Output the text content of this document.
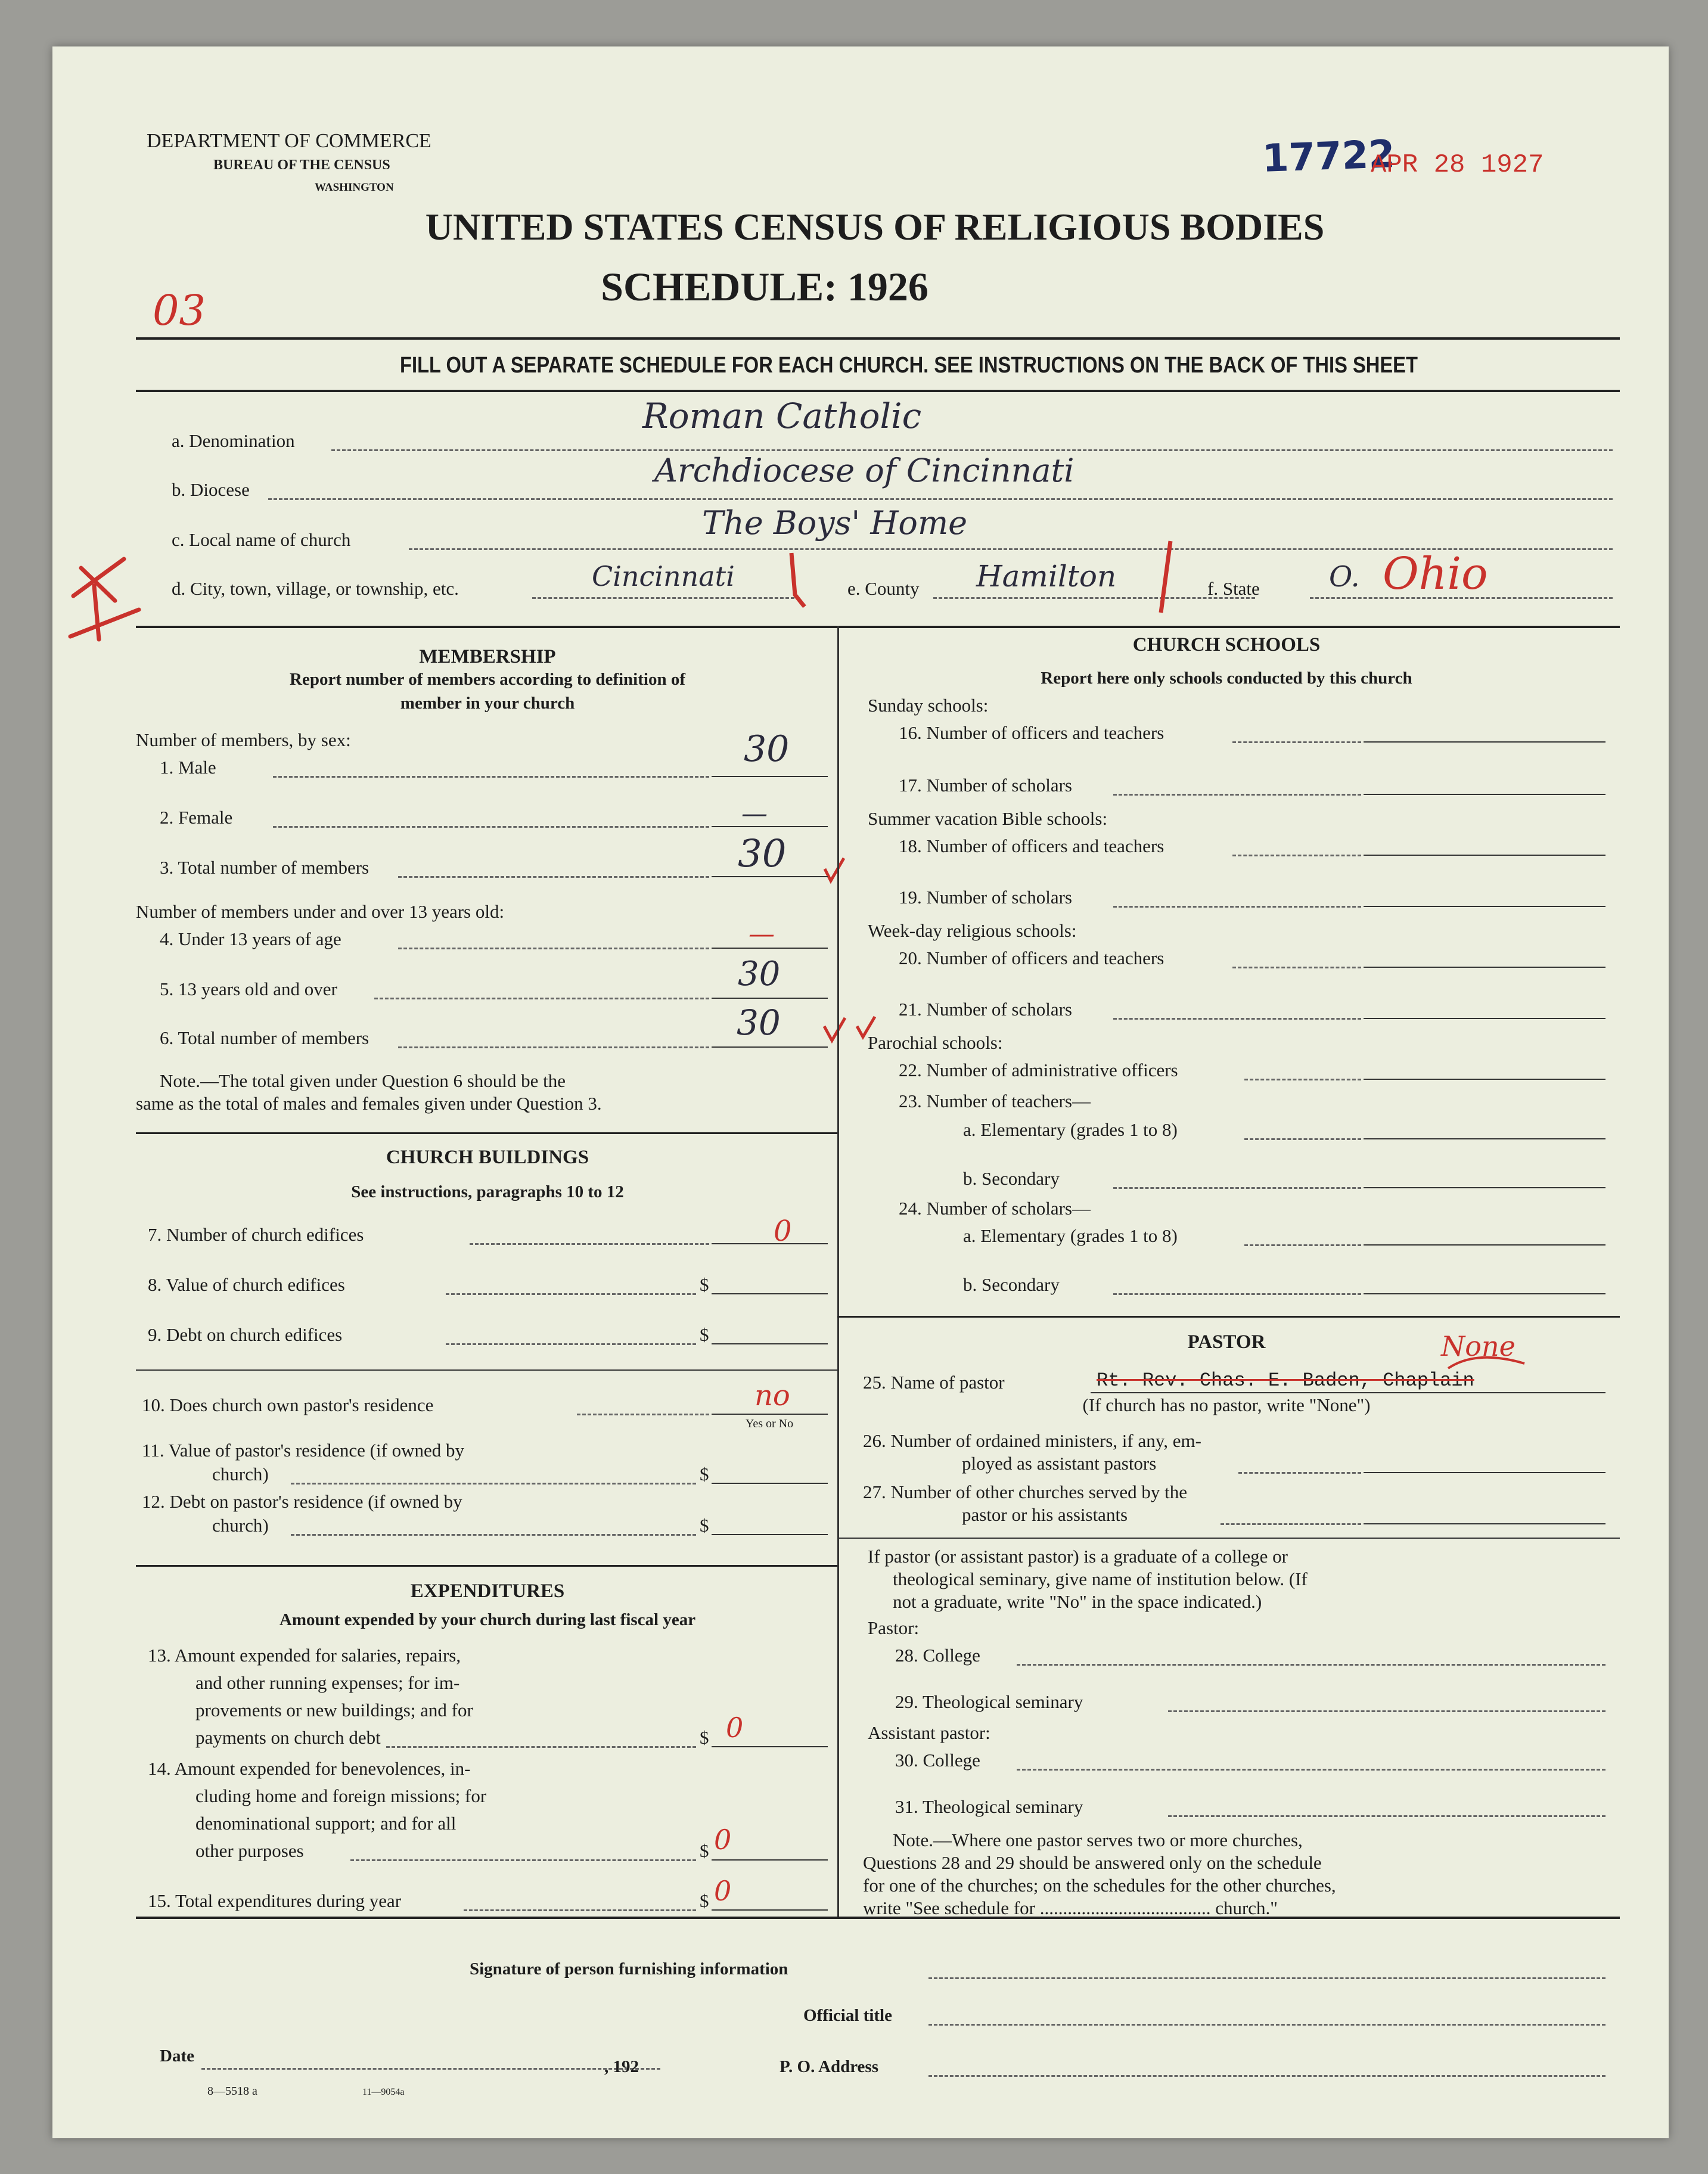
DEPARTMENT OF COMMERCE
BUREAU OF THE CENSUS
WASHINGTON
UNITED STATES CENSUS OF RELIGIOUS BODIES
SCHEDULE: 1926
17722
APR 28 1927
03
FILL OUT A SEPARATE SCHEDULE FOR EACH CHURCH. SEE INSTRUCTIONS ON THE BACK OF THIS SHEET
a. Denomination
Roman Catholic
b. Diocese
Archdiocese of Cincinnati
c. Local name of church	The Boys' Home
d. City, town, village, or township, etc.	Cincinnati	e. County Hamilton	f. State O. Ohio
MEMBERSHIP
Report number of members according to definition of
member in your church
Number of members, by sex:
1. Male	30
2. Female	—
3. Total number of members	30
Number of members under and over 13 years old:
4. Under 13 years of age	—
5. 13 years old and over	30
6. Total number of members	30
Note.—The total given under Question 6 should be the
same as the total of males and females given under Question 3.
CHURCH BUILDINGS
See instructions, paragraphs 10 to 12
7. Number of church edifices	0
8. Value of church edifices	$
9. Debt on church edifices	$
10. Does church own pastor's residence	no
Yes or No
11. Value of pastor's residence (if owned by
church)	$
12. Debt on pastor's residence (if owned by
church)	$
EXPENDITURES
Amount expended by your church during last fiscal year
13. Amount expended for salaries, repairs,
and other running expenses; for im-
provements or new buildings; and for
payments on church debt	$ 0
14. Amount expended for benevolences, in-
cluding home and foreign missions; for
denominational support; and for all
other purposes	$ 0
15. Total expenditures during year	$ 0
CHURCH SCHOOLS
Report here only schools conducted by this church
Sunday schools:
16. Number of officers and teachers
17. Number of scholars
Summer vacation Bible schools:
18. Number of officers and teachers
19. Number of scholars
Week-day religious schools:
20. Number of officers and teachers
21. Number of scholars
Parochial schools:
22. Number of administrative officers
23. Number of teachers—
a. Elementary (grades 1 to 8)
b. Secondary
24. Number of scholars—
a. Elementary (grades 1 to 8)
b. Secondary
PASTOR
25. Name of pastor	Rt. Rev. Chas. E. Baden, Chaplain
None
(If church has no pastor, write "None")
26. Number of ordained ministers, if any, em-
ployed as assistant pastors
27. Number of other churches served by the
pastor or his assistants
If pastor (or assistant pastor) is a graduate of a college or
theological seminary, give name of institution below. (If
not a graduate, write "No" in the space indicated.)
Pastor:
28. College
29. Theological seminary
Assistant pastor:
30. College
31. Theological seminary
Note.—Where one pastor serves two or more churches,
Questions 28 and 29 should be answered only on the schedule
for one of the churches; on the schedules for the other churches,
write "See schedule for ..................................... church."
Signature of person furnishing information
Official title
Date
, 192	P. O. Address
8—5518 a	11—9054a
